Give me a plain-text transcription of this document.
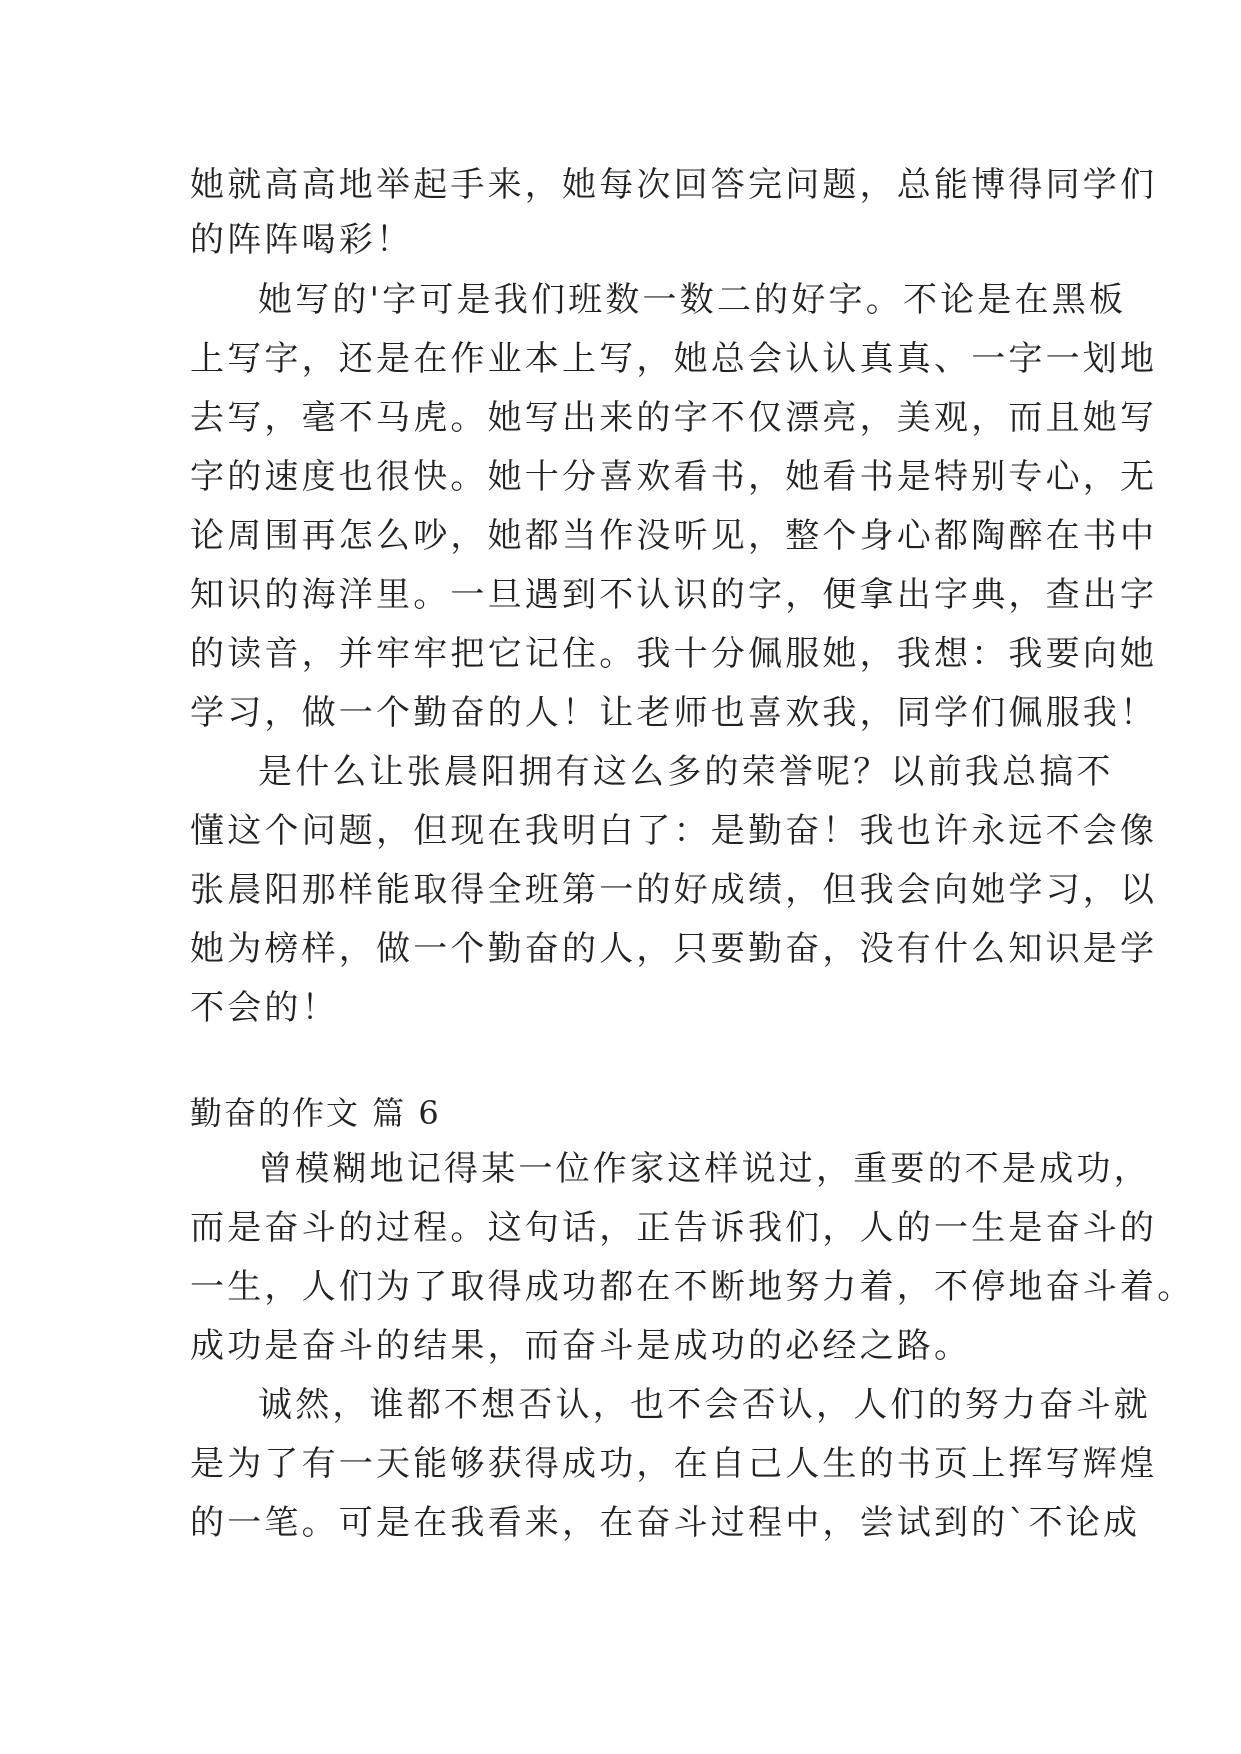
她就高高地举起手来，她每次回答完问题，总能博得同学们
的阵阵喝彩！
她写的'字可是我们班数一数二的好字。不论是在黑板
上写字，还是在作业本上写，她总会认认真真、一字一划地
去写，毫不马虎。她写出来的字不仅漂亮，美观，而且她写
字的速度也很快。她十分喜欢看书，她看书是特别专心，无
论周围再怎么吵，她都当作没听见，整个身心都陶醉在书中
知识的海洋里。一旦遇到不认识的字，便拿出字典，查出字
的读音，并牢牢把它记住。我十分佩服她，我想：我要向她
学习，做一个勤奋的人！让老师也喜欢我，同学们佩服我！
是什么让张晨阳拥有这么多的荣誉呢？以前我总搞不
懂这个问题，但现在我明白了：是勤奋！我也许永远不会像
张晨阳那样能取得全班第一的好成绩，但我会向她学习，以
她为榜样，做一个勤奋的人，只要勤奋，没有什么知识是学
不会的！
勤奋的作文 篇 6
曾模糊地记得某一位作家这样说过，重要的不是成功，
而是奋斗的过程。这句话，正告诉我们，人的一生是奋斗的
一生，人们为了取得成功都在不断地努力着，不停地奋斗着。
成功是奋斗的结果，而奋斗是成功的必经之路。
诚然，谁都不想否认，也不会否认，人们的努力奋斗就
是为了有一天能够获得成功，在自己人生的书页上挥写辉煌
的一笔。可是在我看来，在奋斗过程中，尝试到的`不论成
